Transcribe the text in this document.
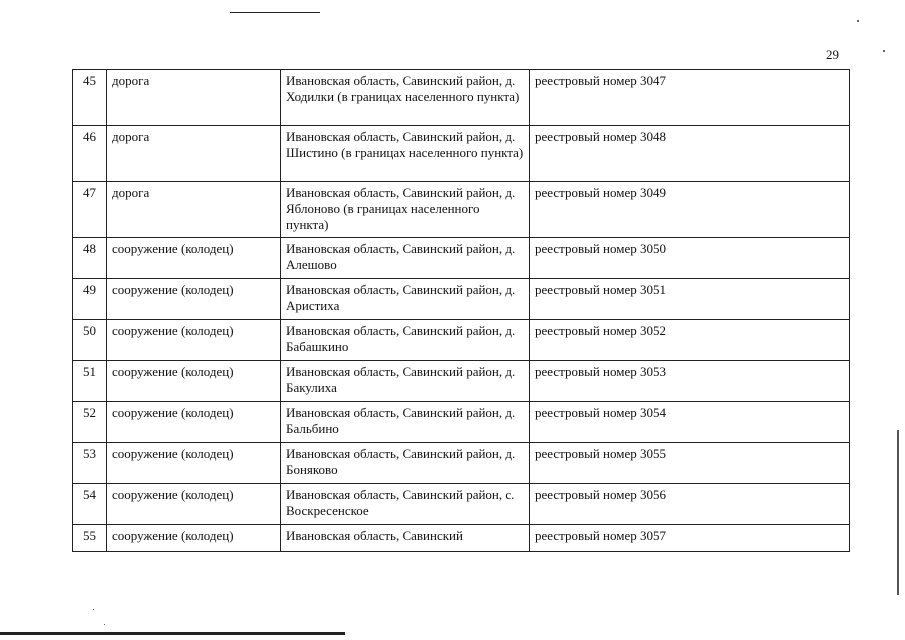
29
45	дорога	Ивановская область, Савинский район, д. Ходилки (в границах населенного пункта)	реестровый номер 3047
46	дорога	Ивановская область, Савинский район, д. Шистино (в границах населенного пункта)	реестровый номер 3048
47	дорога	Ивановская область, Савинский район, д. Яблоново (в границах населенного пункта)	реестровый номер 3049
48	сооружение (колодец)	Ивановская область, Савинский район, д. Алешово	реестровый номер 3050
49	сооружение (колодец)	Ивановская область, Савинский район, д. Аристиха	реестровый номер 3051
50	сооружение (колодец)	Ивановская область, Савинский район, д. Бабашкино	реестровый номер 3052
51	сооружение (колодец)	Ивановская область, Савинский район, д. Бакулиха	реестровый номер 3053
52	сооружение (колодец)	Ивановская область, Савинский район, д. Бальбино	реестровый номер 3054
53	сооружение (колодец)	Ивановская область, Савинский район, д. Боняково	реестровый номер 3055
54	сооружение (колодец)	Ивановская область, Савинский район, с. Воскресенское	реестровый номер 3056
55	сооружение (колодец)	Ивановская область, Савинский	реестровый номер 3057
